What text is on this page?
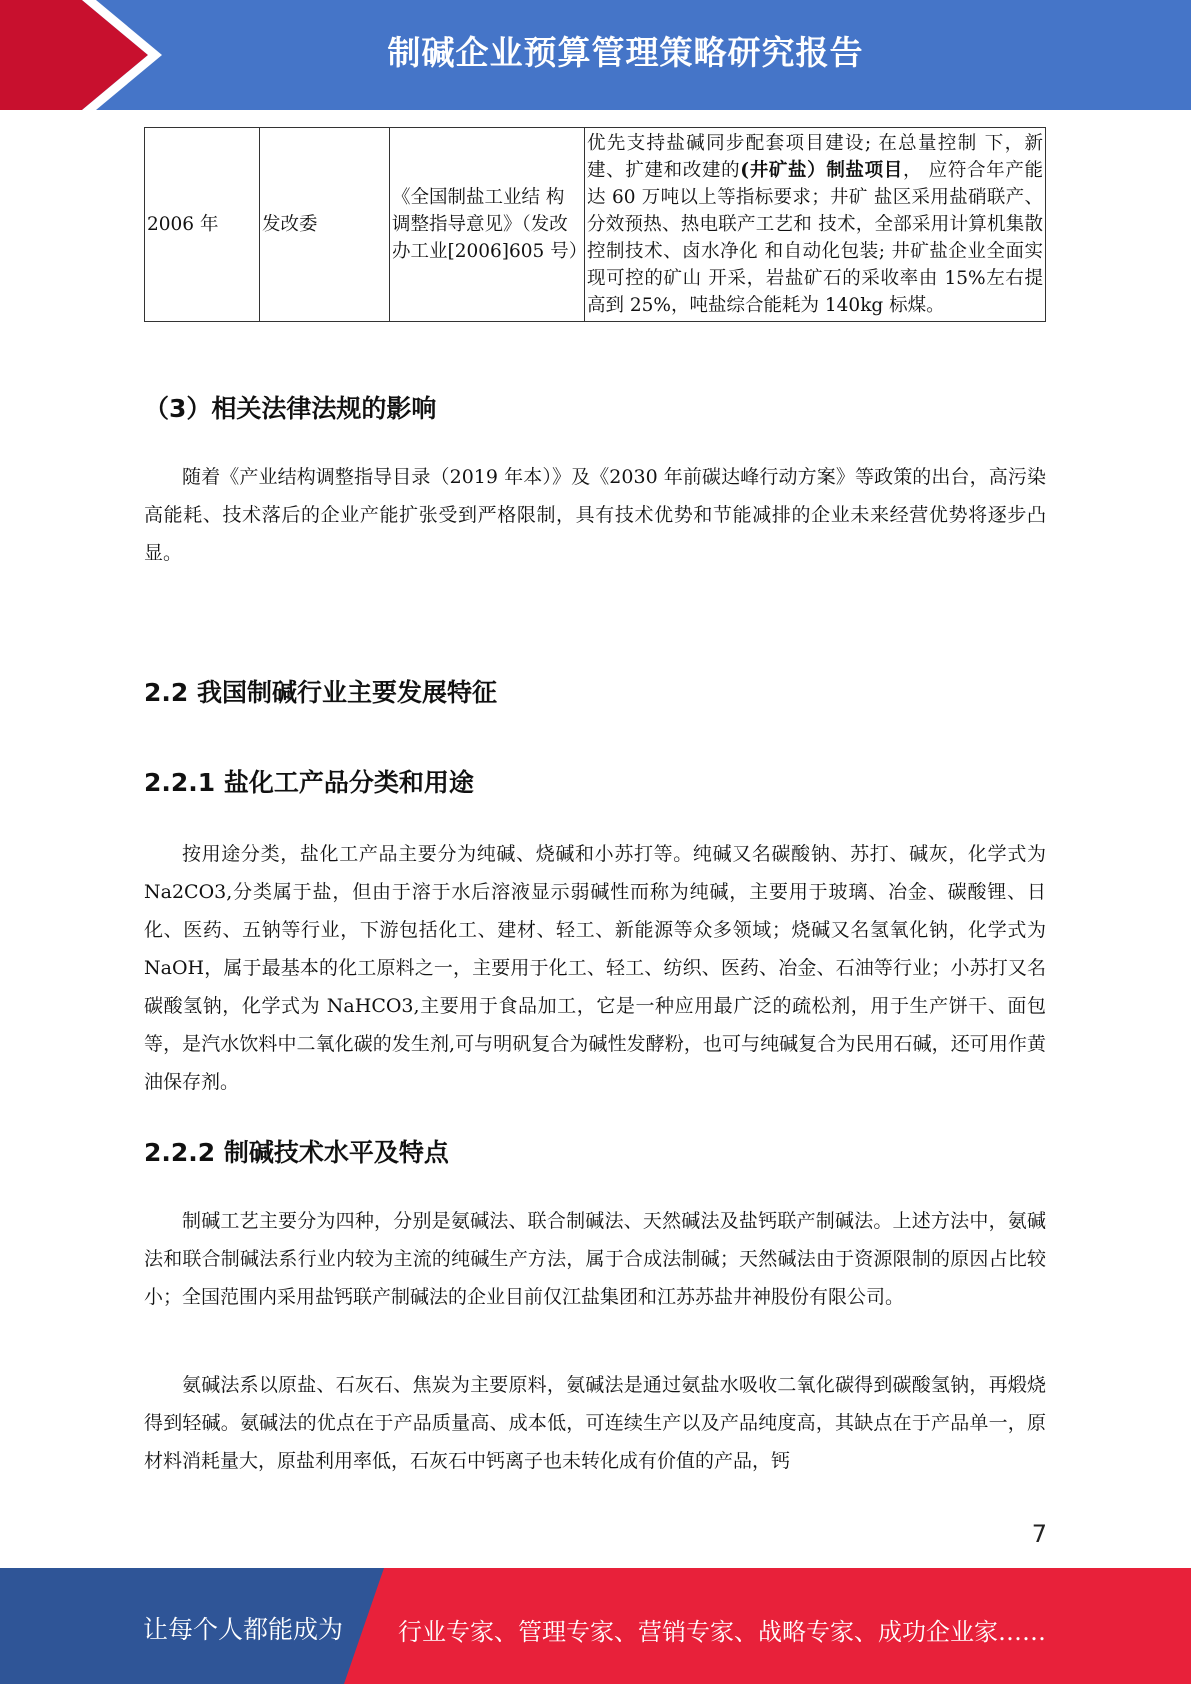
制碱企业预算管理策略研究报告
2006 年	发改委	《全国制盐工业结 构调整指导意见》（发改办工业[2006]605 号）	优先支持盐碱同步配套项目建设; 在总量控制 下，新建、扩建和改建的(井矿盐）制盐项目， 应符合年产能达 60 万吨以上等指标要求；井矿 盐区采用盐硝联产、分效预热、热电联产工艺和 技术，全部采用计算机集散控制技术、卤水净化 和自动化包装; 井矿盐企业全面实现可控的矿山 开采，岩盐矿石的采收率由 15%左右提高到 25%，吨盐综合能耗为 140kg 标煤。
（3）相关法律法规的影响

随着《产业结构调整指导目录（2019 年本）》及《2030 年前碳达峰行动方案》等政策的出台，高污染高能耗、技术落后的企业产能扩张受到严格限制，具有技术优势和节能减排的企业未来经营优势将逐步凸显。

2.2 我国制碱行业主要发展特征
2.2.1 盐化工产品分类和用途

按用途分类，盐化工产品主要分为纯碱、烧碱和小苏打等。纯碱又名碳酸钠、苏打、碱灰，化学式为 Na2CO3,分类属于盐，但由于溶于水后溶液显示弱碱性而称为纯碱，主要用于玻璃、冶金、碳酸锂、日化、医药、五钠等行业，下游包括化工、建材、轻工、新能源等众多领域；烧碱又名氢氧化钠，化学式为 NaOH，属于最基本的化工原料之一，主要用于化工、轻工、纺织、医药、冶金、石油等行业；小苏打又名碳酸氢钠，化学式为 NaHCO3,主要用于食品加工，它是一种应用最广泛的疏松剂，用于生产饼干、面包等，是汽水饮料中二氧化碳的发生剂,可与明矾复合为碱性发酵粉，也可与纯碱复合为民用石碱，还可用作黄油保存剂。

2.2.2 制碱技术水平及特点

制碱工艺主要分为四种，分别是氨碱法、联合制碱法、天然碱法及盐钙联产制碱法。上述方法中，氨碱法和联合制碱法系行业内较为主流的纯碱生产方法，属于合成法制碱；天然碱法由于资源限制的原因占比较小；全国范围内采用盐钙联产制碱法的企业目前仅江盐集团和江苏苏盐井神股份有限公司。

氨碱法系以原盐、石灰石、焦炭为主要原料，氨碱法是通过氨盐水吸收二氧化碳得到碳酸氢钠，再煅烧得到轻碱。氨碱法的优点在于产品质量高、成本低，可连续生产以及产品纯度高，其缺点在于产品单一，原材料消耗量大，原盐利用率低，石灰石中钙离子也未转化成有价值的产品，钙

7
让每个人都能成为 行业专家、管理专家、营销专家、战略专家、成功企业家……
